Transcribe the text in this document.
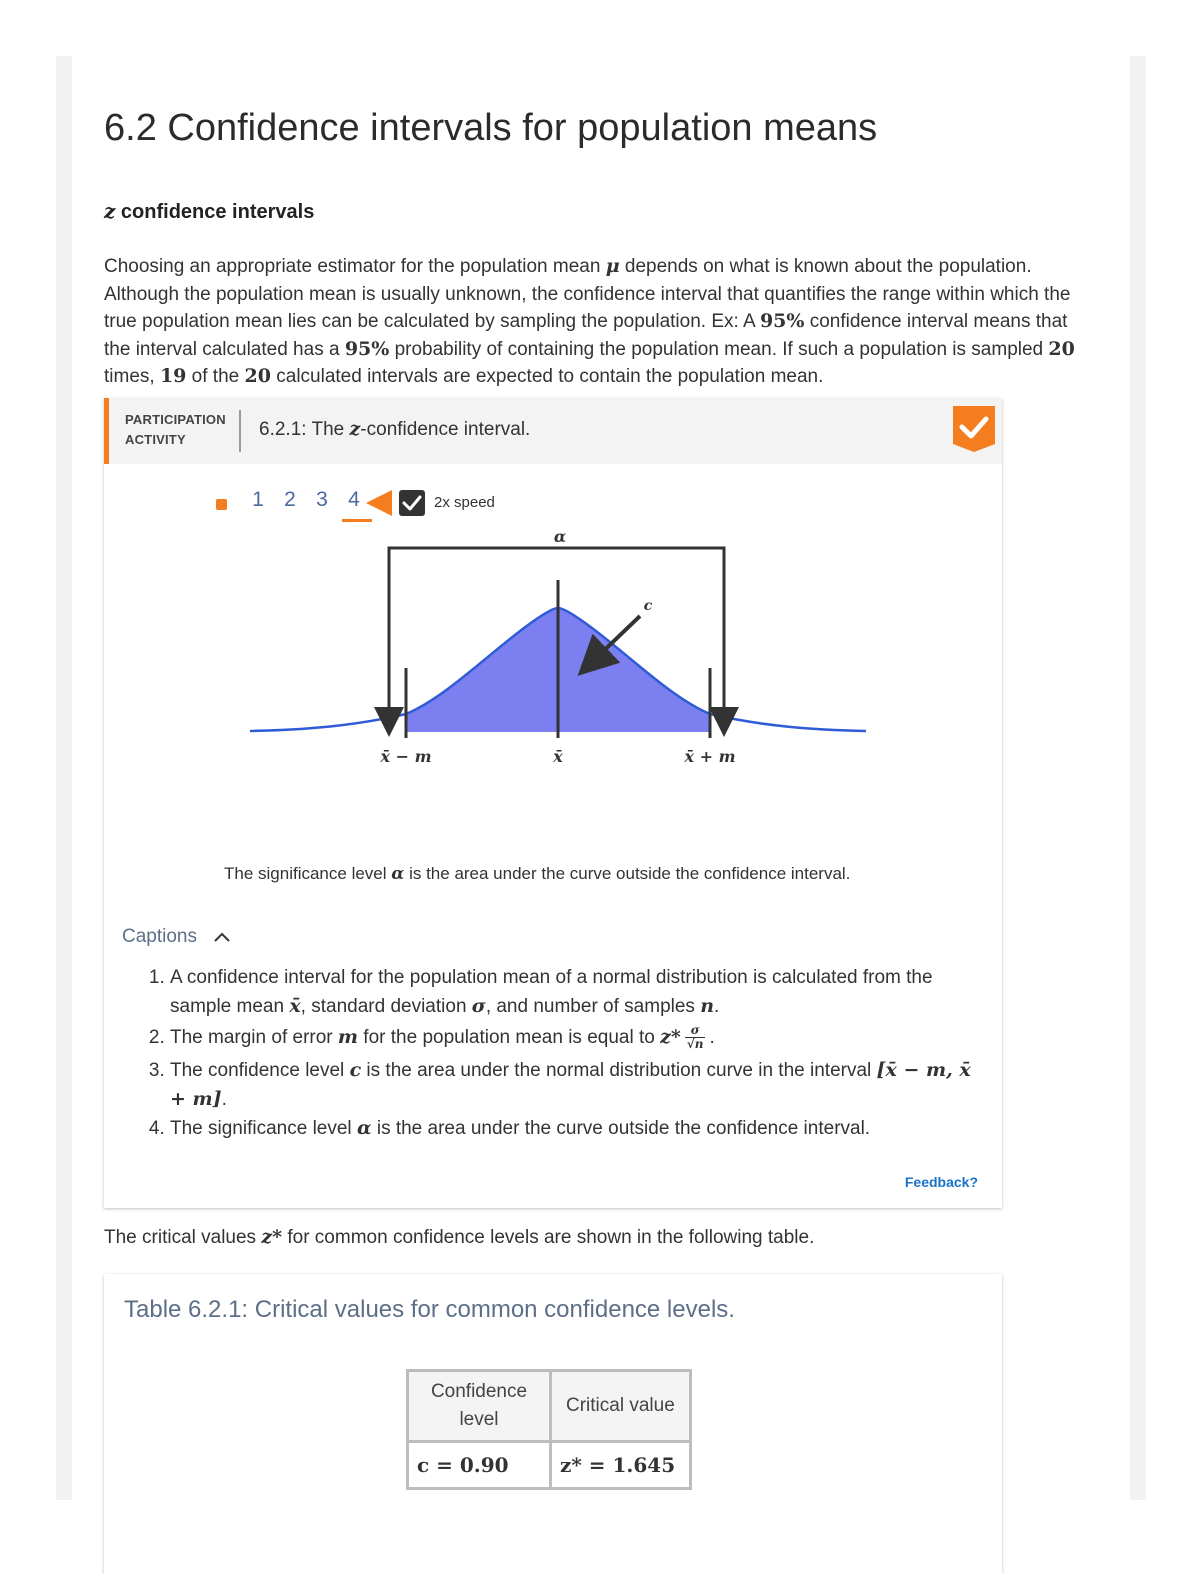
6.2 Confidence intervals for population means
z confidence intervals

Choosing an appropriate estimator for the population mean μ depends on what is known about the population. Although the population mean is usually unknown, the confidence interval that quantifies the range within which the true population mean lies can be calculated by sampling the population. Ex: A 95% confidence interval means that the interval calculated has a 95% probability of containing the population mean. If such a population is sampled 20 times, 19 of the 20 calculated intervals are expected to contain the population mean.

PARTICIPATION
ACTIVITY	6.2.1: The z-confidence interval.
1 2 3 4	2x speed
α
c
x̄ − m	x̄	x̄ + m
The significance level α is the area under the curve outside the confidence interval.
Captions
1. A confidence interval for the population mean of a normal distribution is calculated from the sample mean x̄, standard deviation σ, and number of samples n.
2. The margin of error m for the population mean is equal to $z* \frac{\sigma}{√n}$ .
3. The confidence level c is the area under the normal distribution curve in the interval [x̄ − m, x̄ + m].
4. The significance level α is the area under the curve outside the confidence interval.
Feedback?
The critical values z* for common confidence levels are shown in the following table.
Table 6.2.1: Critical values for common confidence levels.
Confidence level	Critical value
c = 0.90	z* = 1.645
